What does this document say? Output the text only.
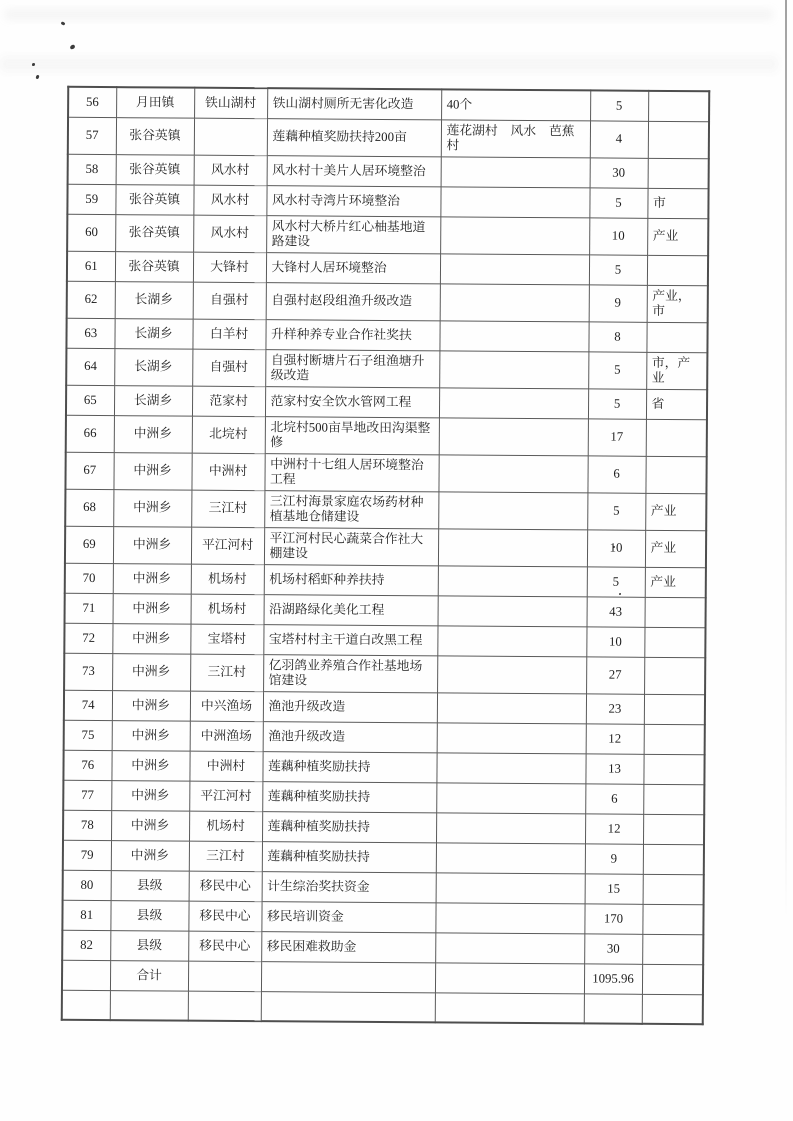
56	月田镇	铁山湖村	铁山湖村厕所无害化改造	40个	5	
57	张谷英镇		莲藕种植奖励扶持200亩	莲花湖村　风水　芭蕉村	4	
58	张谷英镇	风水村	风水村十美片人居环境整治		30	
59	张谷英镇	风水村	风水村寺湾片环境整治		5	市
60	张谷英镇	风水村	风水村大桥片红心柚基地道路建设		10	产业
61	张谷英镇	大锋村	大锋村人居环境整治		5	
62	长湖乡	自强村	自强村赵段组渔升级改造		9	产业，市
63	长湖乡	白羊村	升样种养专业合作社奖扶		8	
64	长湖乡	自强村	自强村断塘片石子组渔塘升级改造		5	市，产业
65	长湖乡	范家村	范家村安全饮水管网工程		5	省
66	中洲乡	北垸村	北垸村500亩旱地改田沟渠整修		17	
67	中洲乡	中洲村	中洲村十七组人居环境整治工程		6	
68	中洲乡	三江村	三江村海景家庭农场药材种植基地仓储建设		5	产业
69	中洲乡	平江河村	平江河村民心蔬菜合作社大棚建设		10	产业
70	中洲乡	机场村	机场村稻虾种养扶持		5	产业
71	中洲乡	机场村	沿湖路绿化美化工程		43	
72	中洲乡	宝塔村	宝塔村村主干道白改黑工程		10	
73	中洲乡	三江村	亿羽鸽业养殖合作社基地场馆建设		27	
74	中洲乡	中兴渔场	渔池升级改造		23	
75	中洲乡	中洲渔场	渔池升级改造		12	
76	中洲乡	中洲村	莲藕种植奖励扶持		13	
77	中洲乡	平江河村	莲藕种植奖励扶持		6	
78	中洲乡	机场村	莲藕种植奖励扶持		12	
79	中洲乡	三江村	莲藕种植奖励扶持		9	
80	县级	移民中心	计生综治奖扶资金		15	
81	县级	移民中心	移民培训资金		170	
82	县级	移民中心	移民困难救助金		30	
	合计				1095.96	
